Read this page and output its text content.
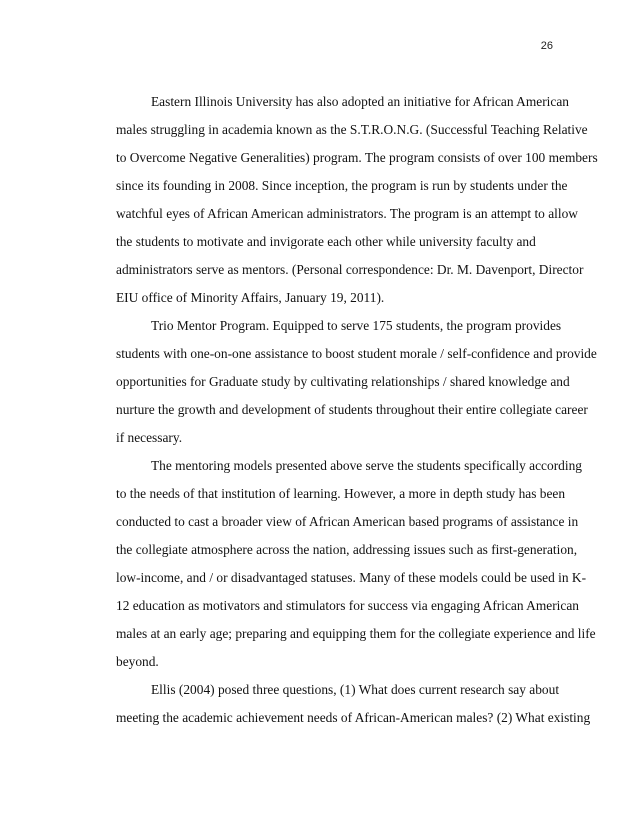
26
Eastern Illinois University has also adopted an initiative for African American
males struggling in academia known as the S.T.R.O.N.G. (Successful Teaching Relative
to Overcome Negative Generalities) program. The program consists of over 100 members
since its founding in 2008. Since inception, the program is run by students under the
watchful eyes of African American administrators. The program is an attempt to allow
the students to motivate and invigorate each other while university faculty and
administrators serve as mentors. (Personal correspondence: Dr. M. Davenport, Director
EIU office of Minority Affairs, January 19, 2011).
Trio Mentor Program. Equipped to serve 175 students, the program provides
students with one-on-one assistance to boost student morale / self-confidence and provide
opportunities for Graduate study by cultivating relationships / shared knowledge and
nurture the growth and development of students throughout their entire collegiate career
if necessary.
The mentoring models presented above serve the students specifically according
to the needs of that institution of learning. However, a more in depth study has been
conducted to cast a broader view of African American based programs of assistance in
the collegiate atmosphere across the nation, addressing issues such as first-generation,
low-income, and / or disadvantaged statuses. Many of these models could be used in K-
12 education as motivators and stimulators for success via engaging African American
males at an early age; preparing and equipping them for the collegiate experience and life
beyond.
Ellis (2004) posed three questions, (1) What does current research say about
meeting the academic achievement needs of African-American males? (2) What existing
